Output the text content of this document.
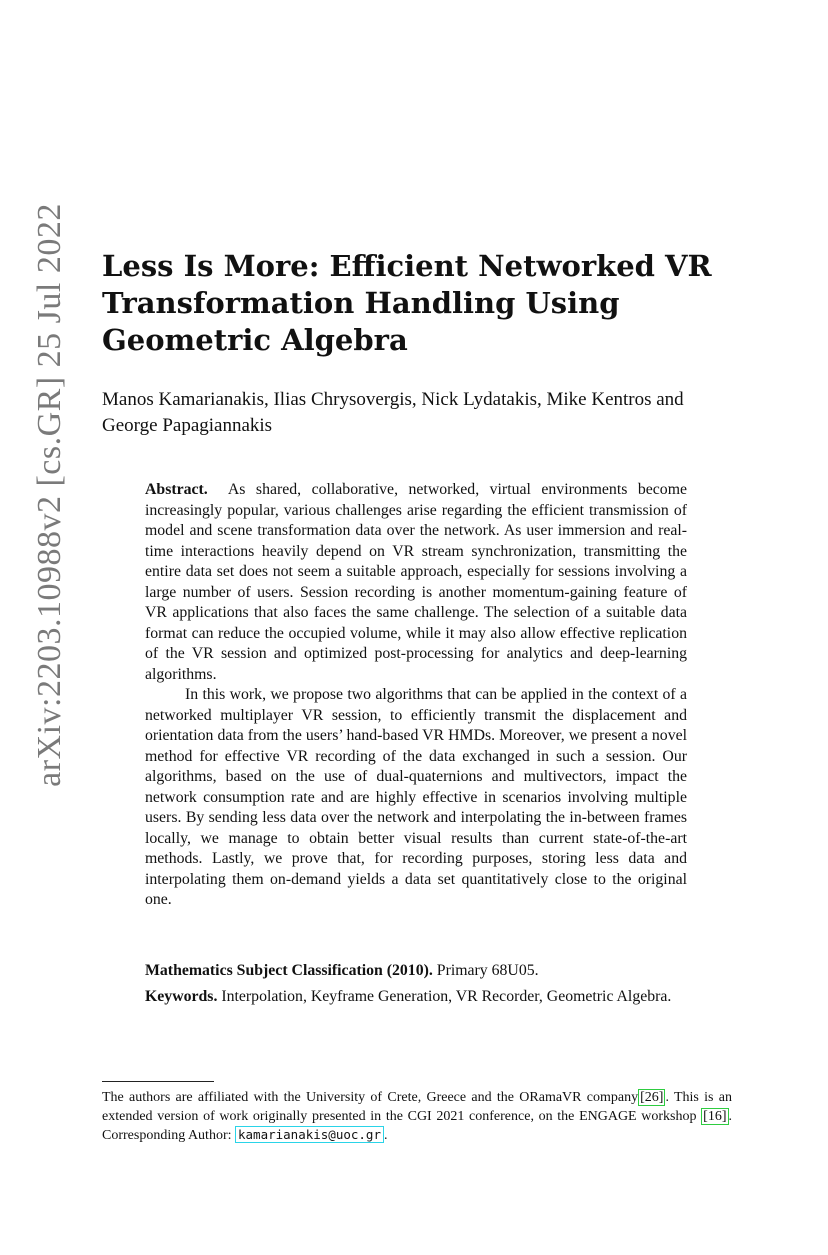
arXiv:2203.10988v2 [cs.GR] 25 Jul 2022 Less Is More: Efficient Networked VR Transformation Handling Using Geometric Algebra
Manos Kamarianakis, Ilias Chrysovergis, Nick Lydatakis, Mike Kentros and George Papagiannakis

Abstract. As shared, collaborative, networked, virtual environments become increasingly popular, various challenges arise regarding the efficient transmission of model and scene transformation data over the network. As user immersion and real-time interactions heavily depend on VR stream synchronization, transmitting the entire data set does not seem a suitable approach, especially for sessions involving a large number of users. Session recording is another momentum-gaining feature of VR applications that also faces the same challenge. The selection of a suitable data format can reduce the occupied volume, while it may also allow effective replication of the VR session and optimized post-processing for analytics and deep-learning algorithms.

In this work, we propose two algorithms that can be applied in the context of a networked multiplayer VR session, to efficiently transmit the displacement and orientation data from the users’ hand-based VR HMDs. Moreover, we present a novel method for effective VR recording of the data exchanged in such a session. Our algorithms, based on the use of dual-quaternions and multivectors, impact the network consumption rate and are highly effective in scenarios involving multiple users. By sending less data over the network and interpolating the in-between frames locally, we manage to obtain better visual results than current state-of-the-art methods. Lastly, we prove that, for recording purposes, storing less data and interpolating them on-demand yields a data set quantitatively close to the original one.

Mathematics Subject Classification (2010). Primary 68U05.
Keywords. Interpolation, Keyframe Generation, VR Recorder, Geometric Algebra.
The authors are affiliated with the University of Crete, Greece and the ORamaVR company [26] . This is an extended version of work originally presented in the CGI 2021 conference, on the ENGAGE workshop [16] . Corresponding Author: kamarianakis@uoc.gr .
